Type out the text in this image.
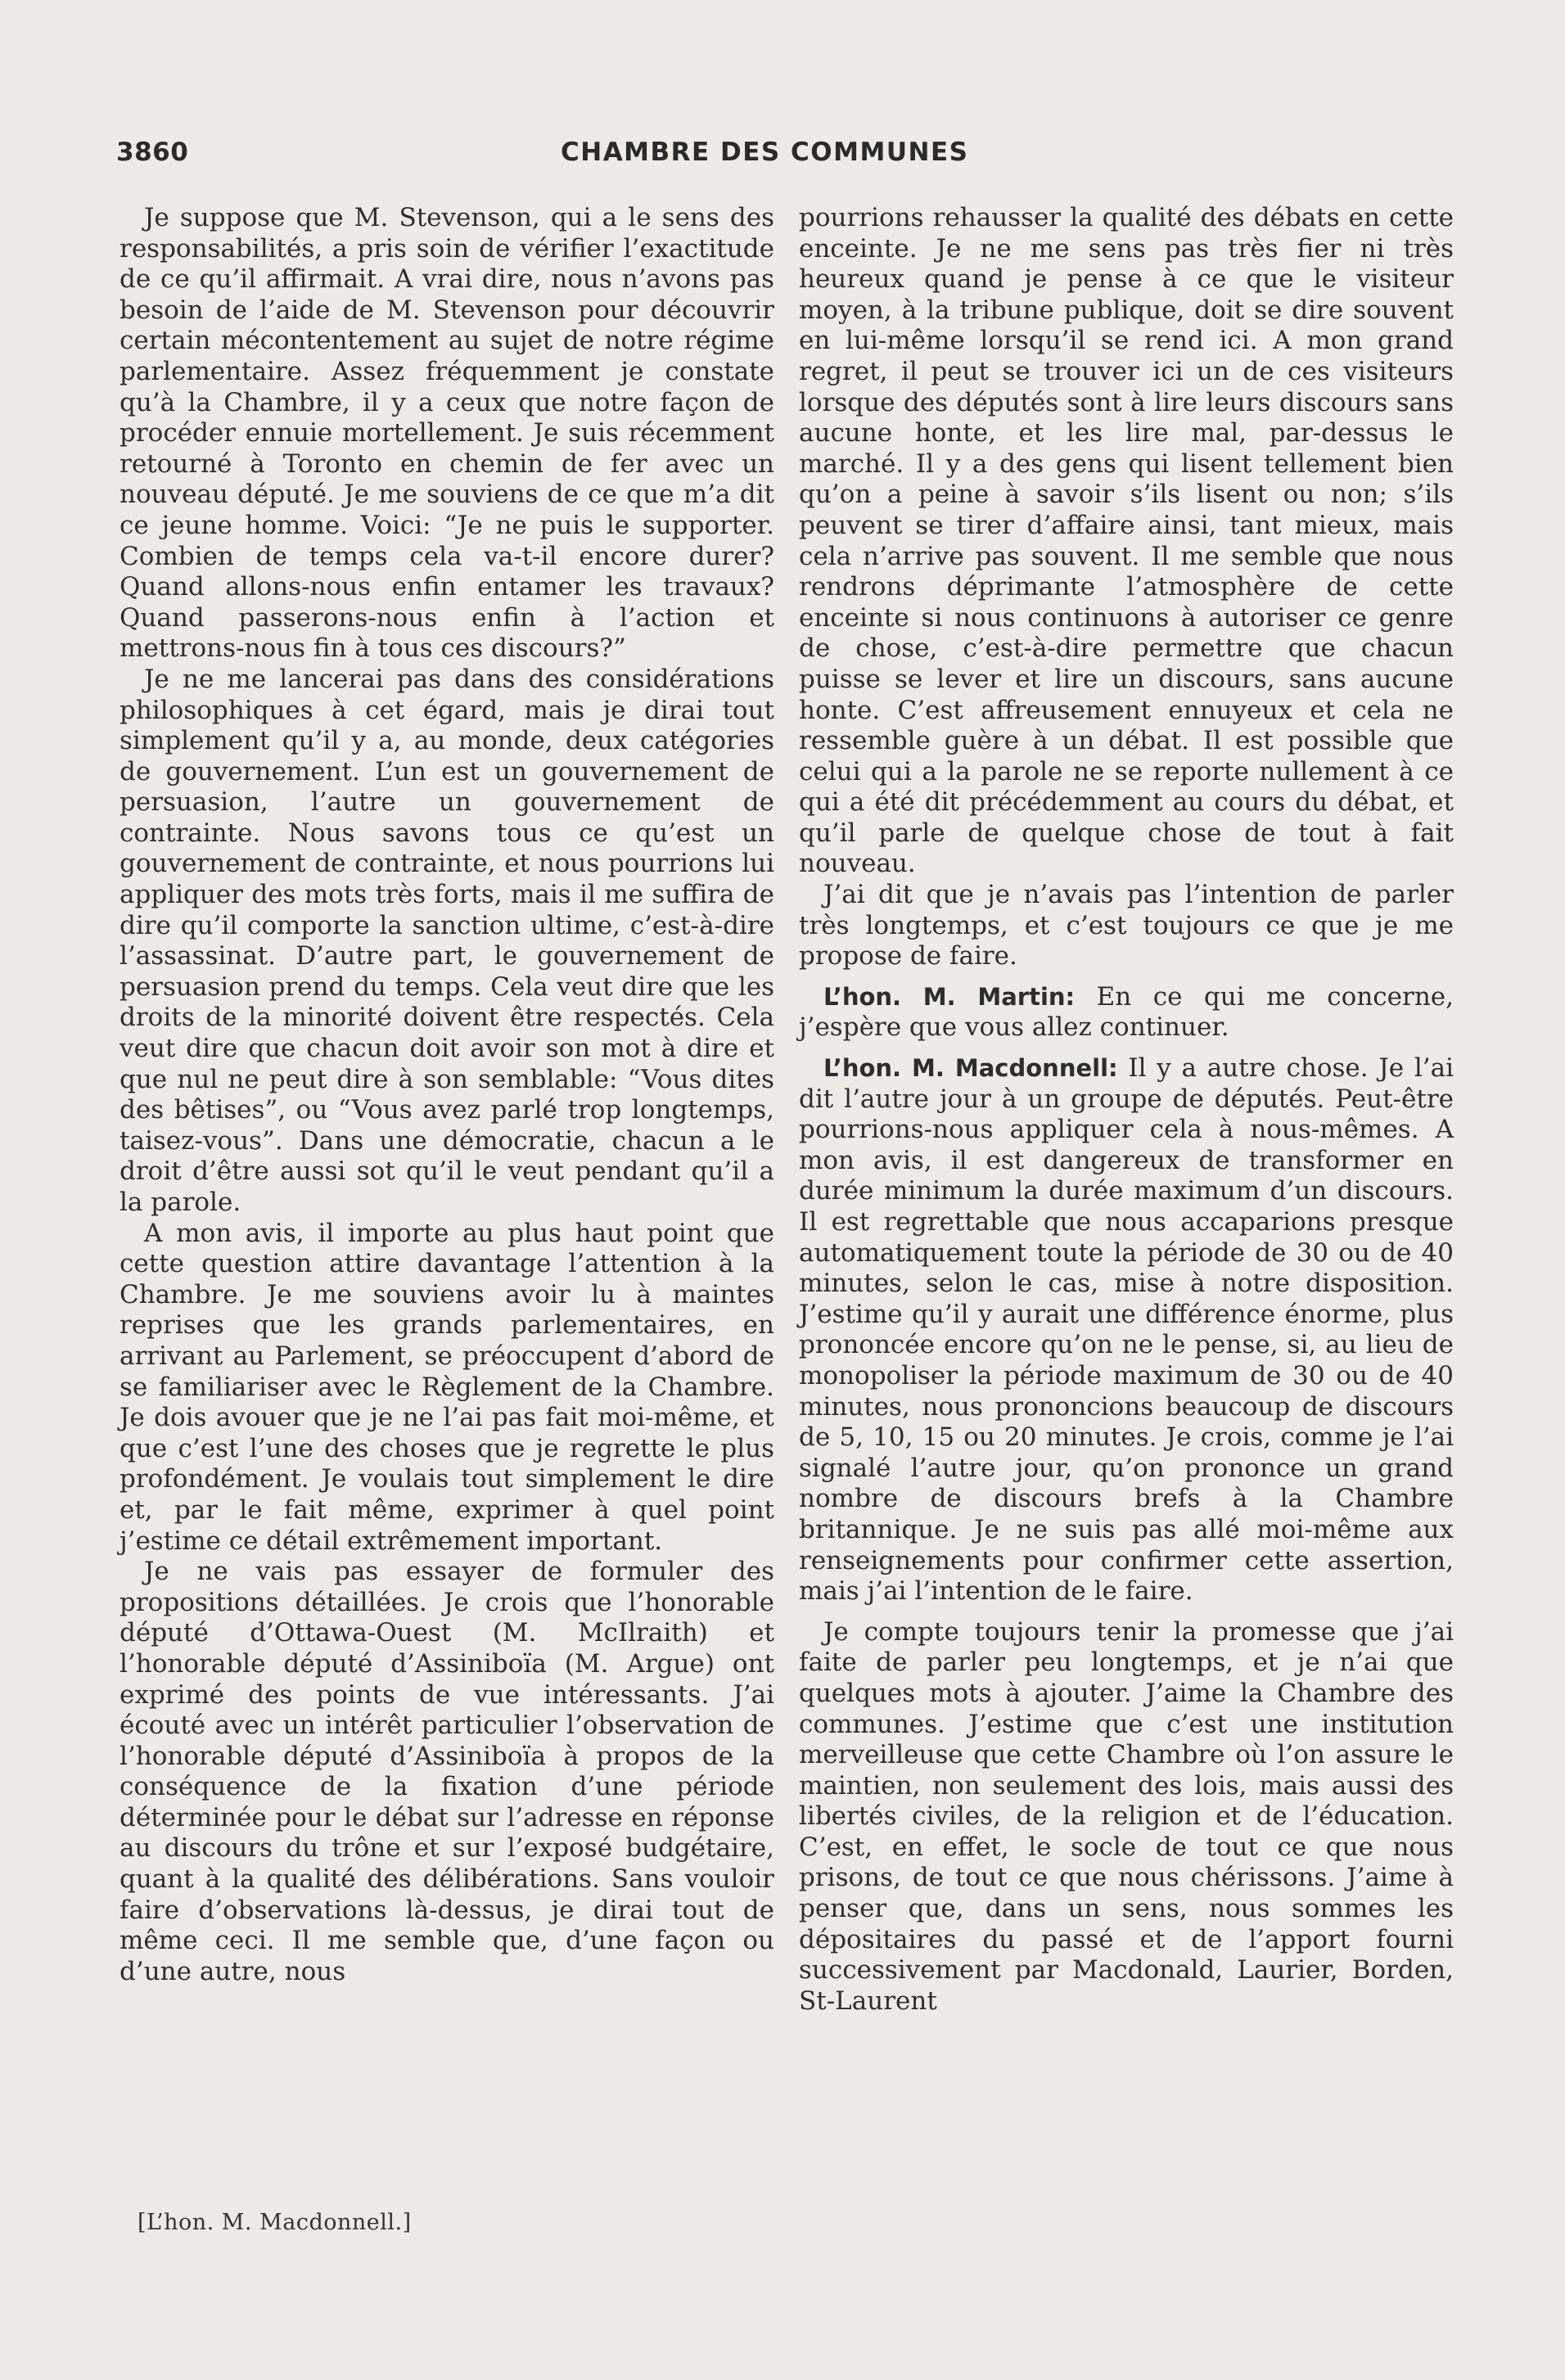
3860	CHAMBRE DES COMMUNES

Je suppose que M. Stevenson, qui a le sens des responsabilités, a pris soin de vérifier l’exactitude de ce qu’il affirmait. A vrai dire, nous n’avons pas besoin de l’aide de M. Stevenson pour découvrir certain mécontentement au sujet de notre régime parlementaire. Assez fréquemment je constate qu’à la Chambre, il y a ceux que notre façon de procéder ennuie mortellement. Je suis récemment retourné à Toronto en chemin de fer avec un nouveau député. Je me souviens de ce que m’a dit ce jeune homme. Voici: “Je ne puis le supporter. Combien de temps cela va-t-il encore durer? Quand allons-nous enfin entamer les travaux? Quand passerons-nous enfin à l’action et mettrons-nous fin à tous ces discours?”

Je ne me lancerai pas dans des considérations philosophiques à cet égard, mais je dirai tout simplement qu’il y a, au monde, deux catégories de gouvernement. L’un est un gouvernement de persuasion, l’autre un gouvernement de contrainte. Nous savons tous ce qu’est un gouvernement de contrainte, et nous pourrions lui appliquer des mots très forts, mais il me suffira de dire qu’il comporte la sanction ultime, c’est-à-dire l’assassinat. D’autre part, le gouvernement de persuasion prend du temps. Cela veut dire que les droits de la minorité doivent être respectés. Cela veut dire que chacun doit avoir son mot à dire et que nul ne peut dire à son semblable: “Vous dites des bêtises”, ou “Vous avez parlé trop longtemps, taisez-vous”. Dans une démocratie, chacun a le droit d’être aussi sot qu’il le veut pendant qu’il a la parole.

A mon avis, il importe au plus haut point que cette question attire davantage l’attention à la Chambre. Je me souviens avoir lu à maintes reprises que les grands parlementaires, en arrivant au Parlement, se préoccupent d’abord de se familiariser avec le Règlement de la Chambre. Je dois avouer que je ne l’ai pas fait moi-même, et que c’est l’une des choses que je regrette le plus profondément. Je voulais tout simplement le dire et, par le fait même, exprimer à quel point j’estime ce détail extrêmement important.

Je ne vais pas essayer de formuler des propositions détaillées. Je crois que l’honorable député d’Ottawa-Ouest (M. McIlraith) et l’honorable député d’Assiniboïa (M. Argue) ont exprimé des points de vue intéressants. J’ai écouté avec un intérêt particulier l’observation de l’honorable député d’Assiniboïa à propos de la conséquence de la fixation d’une période déterminée pour le débat sur l’adresse en réponse au discours du trône et sur l’exposé budgétaire, quant à la qualité des délibérations. Sans vouloir faire d’observations là-dessus, je dirai tout de même ceci. Il me semble que, d’une façon ou d’une autre, nous

pourrions rehausser la qualité des débats en cette enceinte. Je ne me sens pas très fier ni très heureux quand je pense à ce que le visiteur moyen, à la tribune publique, doit se dire souvent en lui-même lorsqu’il se rend ici. A mon grand regret, il peut se trouver ici un de ces visiteurs lorsque des députés sont à lire leurs discours sans aucune honte, et les lire mal, par-dessus le marché. Il y a des gens qui lisent tellement bien qu’on a peine à savoir s’ils lisent ou non; s’ils peuvent se tirer d’affaire ainsi, tant mieux, mais cela n’arrive pas souvent. Il me semble que nous rendrons déprimante l’atmosphère de cette enceinte si nous continuons à autoriser ce genre de chose, c’est-à-dire permettre que chacun puisse se lever et lire un discours, sans aucune honte. C’est affreusement ennuyeux et cela ne ressemble guère à un débat. Il est possible que celui qui a la parole ne se reporte nullement à ce qui a été dit précédemment au cours du débat, et qu’il parle de quelque chose de tout à fait nouveau.

J’ai dit que je n’avais pas l’intention de parler très longtemps, et c’est toujours ce que je me propose de faire.

L’hon. M. Martin: En ce qui me concerne, j’espère que vous allez continuer.

L’hon. M. Macdonnell: Il y a autre chose. Je l’ai dit l’autre jour à un groupe de députés. Peut-être pourrions-nous appliquer cela à nous-mêmes. A mon avis, il est dangereux de transformer en durée minimum la durée maximum d’un discours. Il est regrettable que nous accaparions presque automatiquement toute la période de 30 ou de 40 minutes, selon le cas, mise à notre disposition. J’estime qu’il y aurait une différence énorme, plus prononcée encore qu’on ne le pense, si, au lieu de monopoliser la période maximum de 30 ou de 40 minutes, nous prononcions beaucoup de discours de 5, 10, 15 ou 20 minutes. Je crois, comme je l’ai signalé l’autre jour, qu’on prononce un grand nombre de discours brefs à la Chambre britannique. Je ne suis pas allé moi-même aux renseignements pour confirmer cette assertion, mais j’ai l’intention de le faire.

Je compte toujours tenir la promesse que j’ai faite de parler peu longtemps, et je n’ai que quelques mots à ajouter. J’aime la Chambre des communes. J’estime que c’est une institution merveilleuse que cette Chambre où l’on assure le maintien, non seulement des lois, mais aussi des libertés civiles, de la religion et de l’éducation. C’est, en effet, le socle de tout ce que nous prisons, de tout ce que nous chérissons. J’aime à penser que, dans un sens, nous sommes les dépositaires du passé et de l’apport fourni successivement par Macdonald, Laurier, Borden, St-Laurent

[L’hon. M. Macdonnell.]
